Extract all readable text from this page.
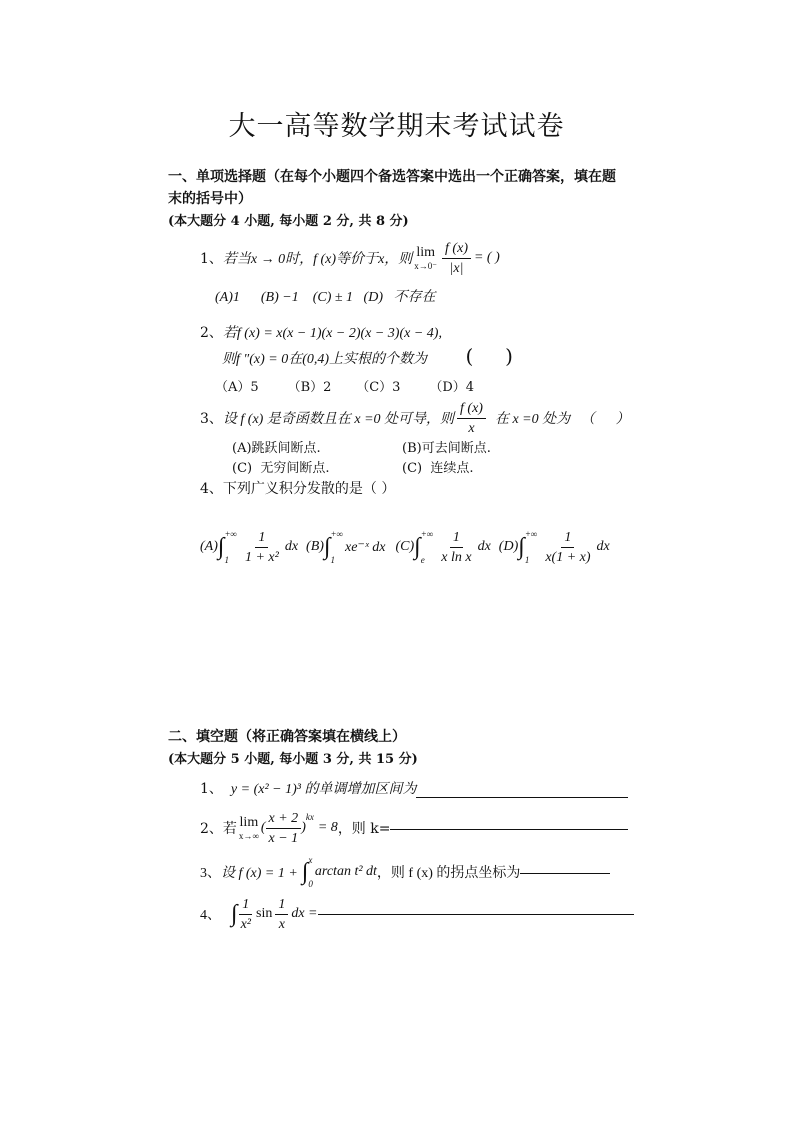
大一高等数学期末考试试卷
一、单项选择题（在每个小题四个备选答案中选出一个正确答案，填在题
末的括号中）
(本大题分 4 小题, 每小题 2 分, 共 8 分)
1、 若当x → 0时，f (x)等价于x，则 lim
$x\to 0^- \frac{f (x)}{|x|}$ = ( )
(A)1      (B) −1    (C) ± 1   (D)   不存在
2、若f (x) = x(x − 1)(x − 2)(x − 3)(x − 4),
则f ″(x) = 0在(0,4)上实根的个数为 (     )
（A）5       （B）2      （C）3       （D）4
3、 设 f (x) 是奇函数且在 x =0 处可导，则 $\frac{f (x)}{x}$ 在 x =0 处为   （      ）
(A)跳跃间断点.	(B)可去间断点.
(C)  无穷间断点.	(C)  连续点.
4、下列广义积分发散的是（ ）
(A) ∫ +∞
$1 \frac{1}{\text{1 + x²}}$ dx (B) ∫ +∞
1
xe⁻ˣ dx (C) ∫ +∞
e $\frac{1}{\text{x ln x}}$ dx (D) ∫ +∞
$1 \frac{1}{x(1 + x)}$ dx
二、填空题（将正确答案填在横线上）
(本大题分 5 小题, 每小题 3 分, 共 15 分)
1、 y = (x² − 1)³ 的单调增加区间为
2、 若 lim
x→∞
( $\frac{x + 2}{x - 1}$ )
kx
= 8 ，则 k=
3、 设 f (x) = 1 + ∫ x
0
arctan t² dt ，则 f (x) 的拐点坐标为
4、 ∫ $\frac{1}{\text{x²}}$ $\sin \frac{1}{x}$ dx =
